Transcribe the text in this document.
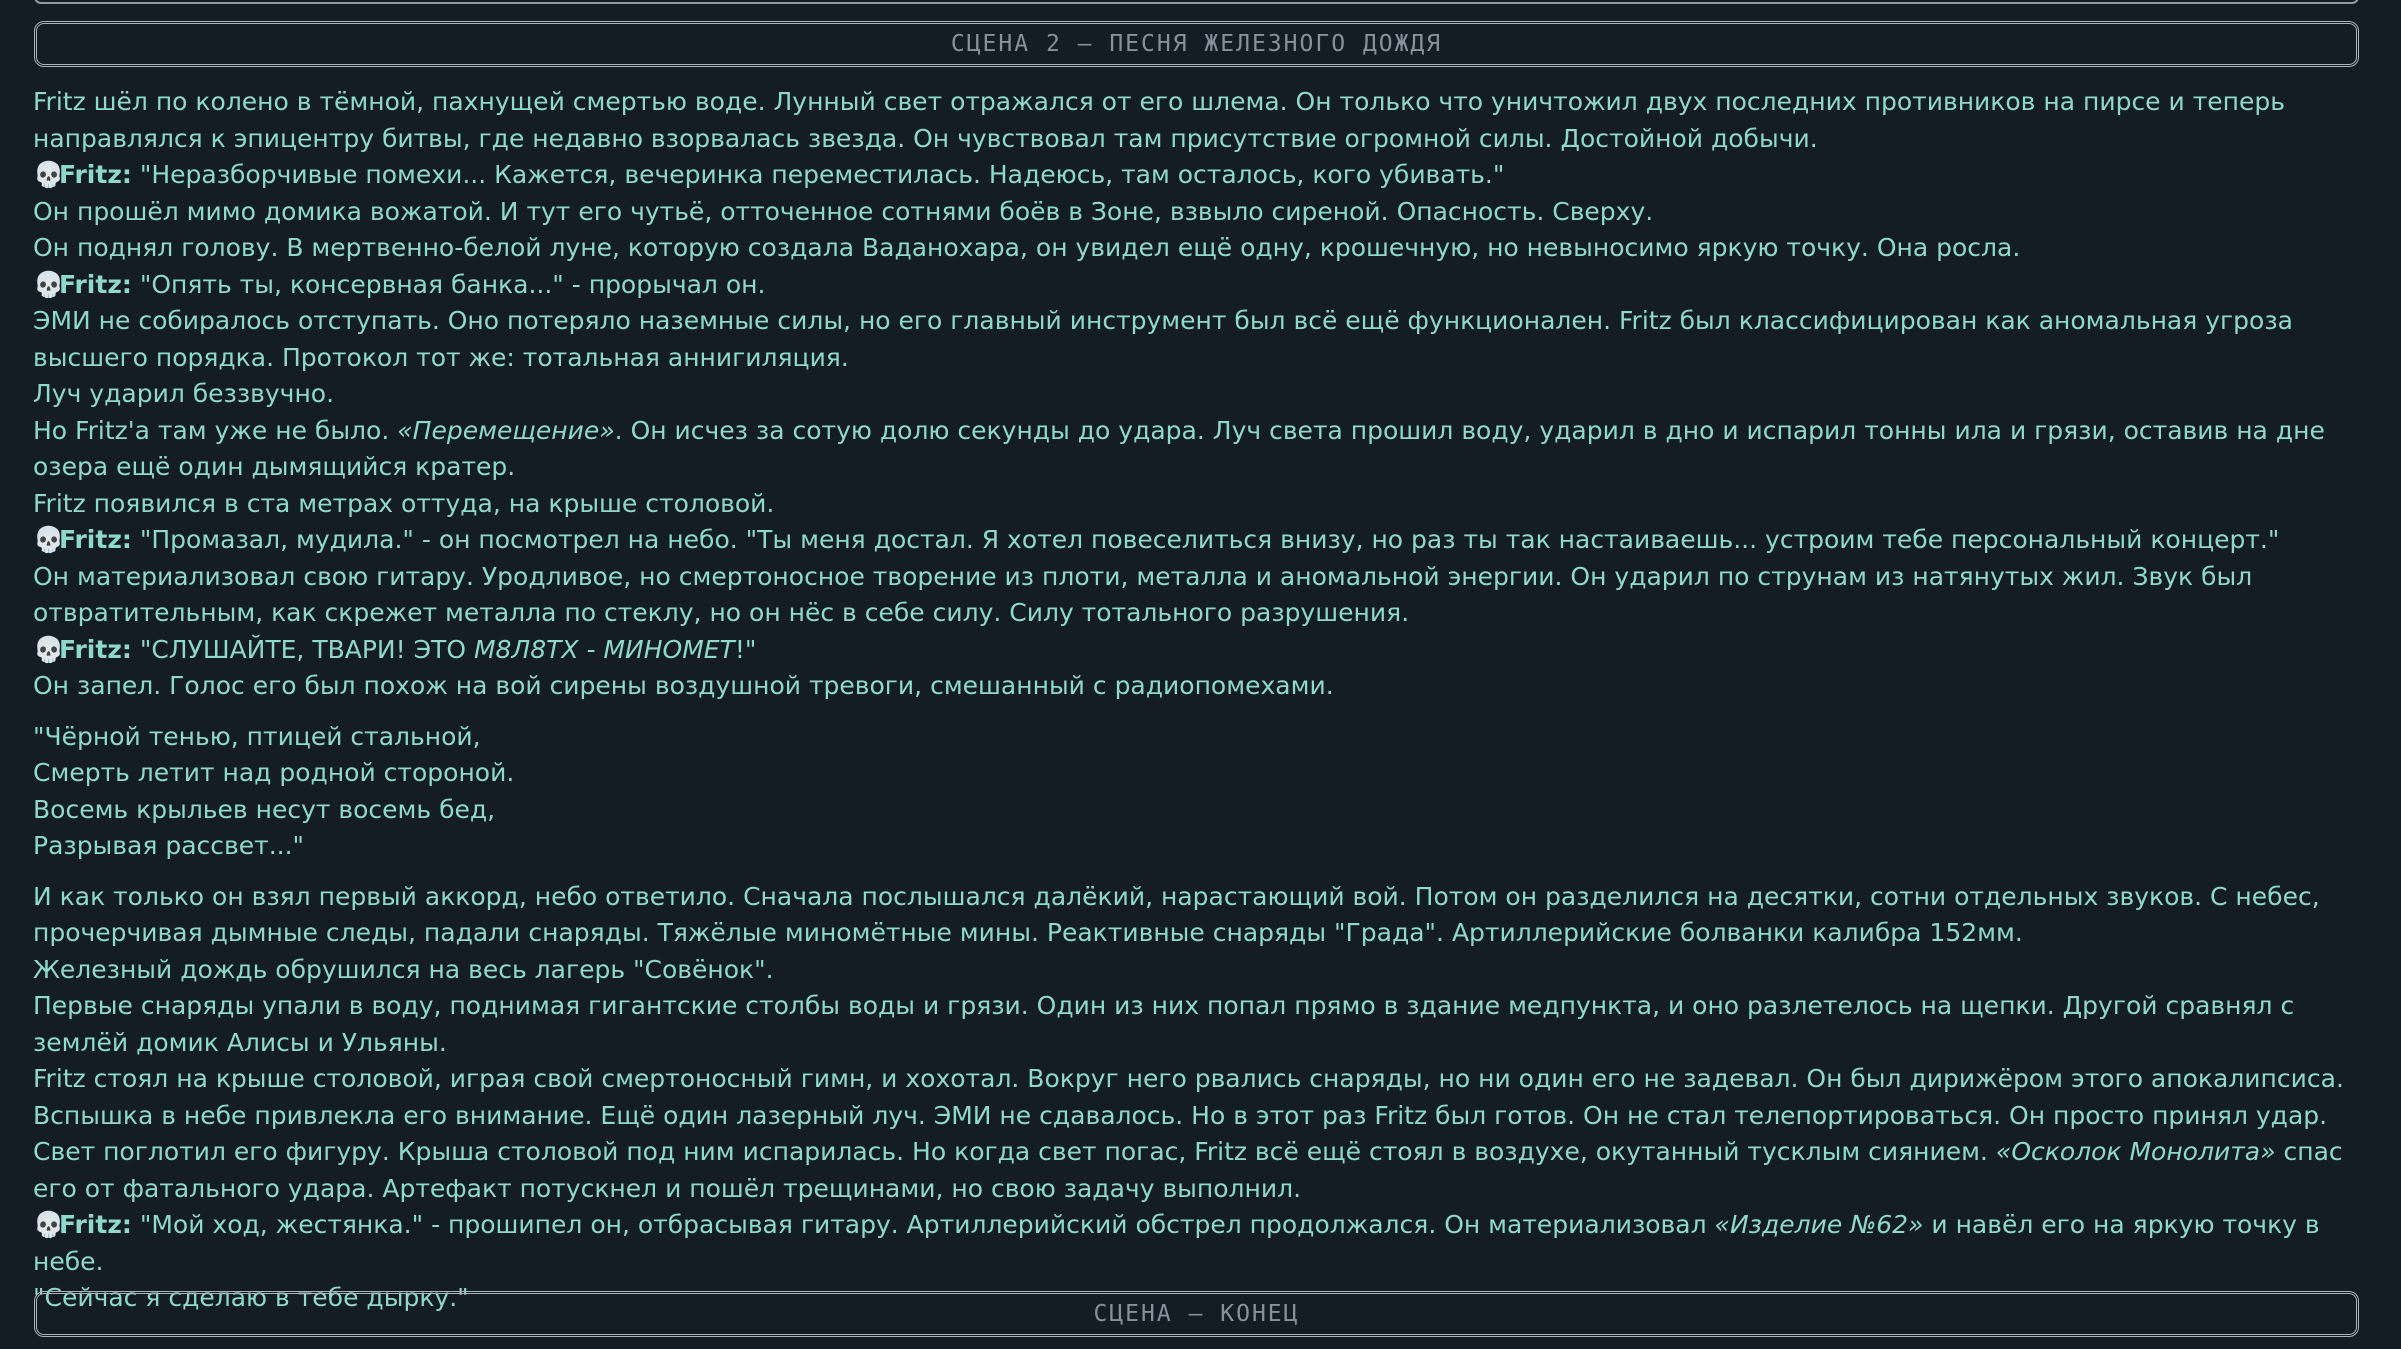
СЦЕНА 2 – ПЕСНЯ ЖЕЛЕЗНОГО ДОЖДЯ

Fritz шёл по колено в тёмной, пахнущей смертью воде. Лунный свет отражался от его шлема. Он только что уничтожил двух последних противников на пирсе и теперь направлялся к эпицентру битвы, где недавно взорвалась звезда. Он чувствовал там присутствие огромной силы. Достойной добычи.

💀Fritz: "Неразборчивые помехи... Кажется, вечеринка переместилась. Надеюсь, там осталось, кого убивать."

Он прошёл мимо домика вожатой. И тут его чутьё, отточенное сотнями боёв в Зоне, взвыло сиреной. Опасность. Сверху.

Он поднял голову. В мертвенно-белой луне, которую создала Ваданохара, он увидел ещё одну, крошечную, но невыносимо яркую точку. Она росла.

💀Fritz: "Опять ты, консервная банка..." - прорычал он.

ЭМИ не собиралось отступать. Оно потеряло наземные силы, но его главный инструмент был всё ещё функционален. Fritz был классифицирован как аномальная угроза высшего порядка. Протокол тот же: тотальная аннигиляция.

Луч ударил беззвучно.

Но Fritz'а там уже не было. «Перемещение». Он исчез за сотую долю секунды до удара. Луч света прошил воду, ударил в дно и испарил тонны ила и грязи, оставив на дне озера ещё один дымящийся кратер.

Fritz появился в ста метрах оттуда, на крыше столовой.

💀Fritz: "Промазал, мудила." - он посмотрел на небо. "Ты меня достал. Я хотел повеселиться внизу, но раз ты так настаиваешь... устроим тебе персональный концерт."

Он материализовал свою гитару. Уродливое, но смертоносное творение из плоти, металла и аномальной энергии. Он ударил по струнам из натянутых жил. Звук был отвратительным, как скрежет металла по стеклу, но он нёс в себе силу. Силу тотального разрушения.

💀Fritz: "СЛУШАЙТЕ, ТВАРИ! ЭТО M8Л8TX - МИНОМЕТ!"

Он запел. Голос его был похож на вой сирены воздушной тревоги, смешанный с радиопомехами.

"Чёрной тенью, птицей стальной,

Смерть летит над родной стороной.

Восемь крыльев несут восемь бед,

Разрывая рассвет..."

И как только он взял первый аккорд, небо ответило. Сначала послышался далёкий, нарастающий вой. Потом он разделился на десятки, сотни отдельных звуков. С небес, прочерчивая дымные следы, падали снаряды. Тяжёлые миномётные мины. Реактивные снаряды "Града". Артиллерийские болванки калибра 152мм.

Железный дождь обрушился на весь лагерь "Совёнок".

Первые снаряды упали в воду, поднимая гигантские столбы воды и грязи. Один из них попал прямо в здание медпункта, и оно разлетелось на щепки. Другой сравнял с землёй домик Алисы и Ульяны.

Fritz стоял на крыше столовой, играя свой смертоносный гимн, и хохотал. Вокруг него рвались снаряды, но ни один его не задевал. Он был дирижёром этого апокалипсиса.

Вспышка в небе привлекла его внимание. Ещё один лазерный луч. ЭМИ не сдавалось. Но в этот раз Fritz был готов. Он не стал телепортироваться. Он просто принял удар.

Свет поглотил его фигуру. Крыша столовой под ним испарилась. Но когда свет погас, Fritz всё ещё стоял в воздухе, окутанный тусклым сиянием. «Осколок Монолита» спас его от фатального удара. Артефакт потускнел и пошёл трещинами, но свою задачу выполнил.

💀Fritz: "Мой ход, жестянка." - прошипел он, отбрасывая гитару. Артиллерийский обстрел продолжался. Он материализовал «Изделие №62» и навёл его на яркую точку в небе.

"Сейчас я сделаю в тебе дырку."

СЦЕНА – КОНЕЦ
